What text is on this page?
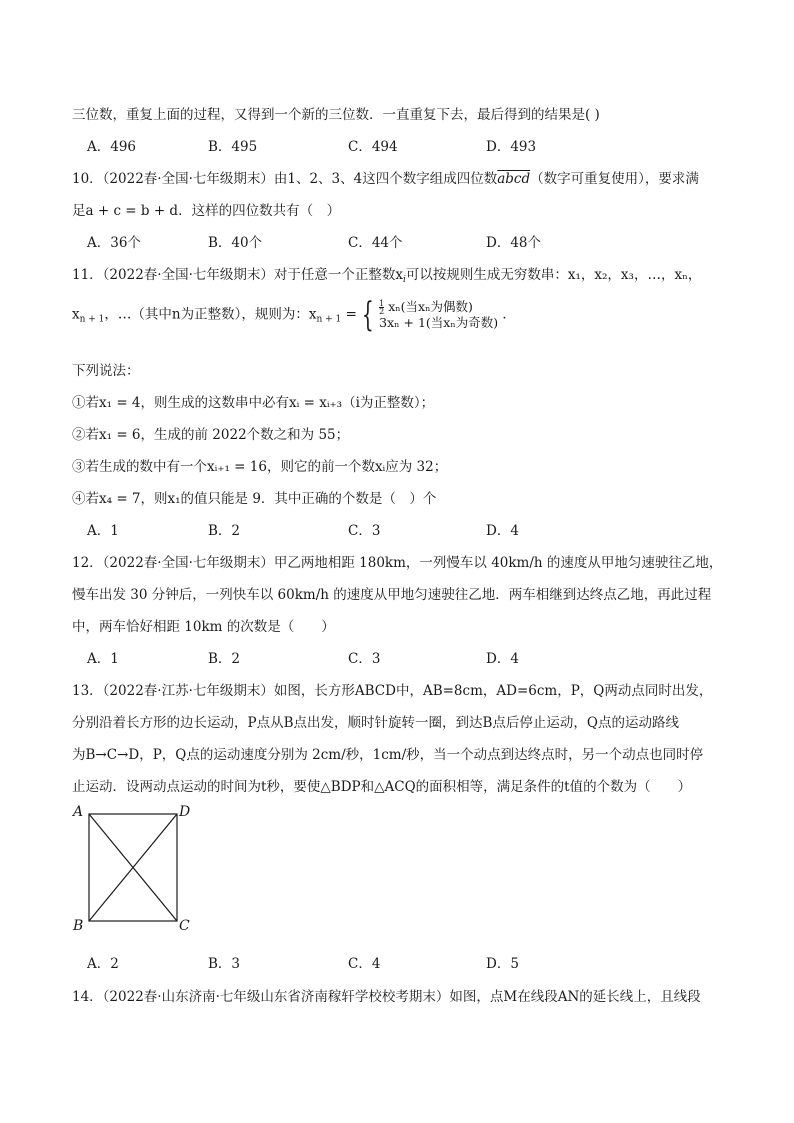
三位数，重复上面的过程，又得到一个新的三位数．一直重复下去，最后得到的结果是( )
A．496	B．495	C．494	D．493
10．（2022春·全国·七年级期末）由1、2、3、4这四个数字组成四位数abcd（数字可重复使用），要求满
足a + c = b + d．这样的四位数共有（　）
A．36个	B．40个	C．44个	D．48个
11．（2022春·全国·七年级期末）对于任意一个正整数$x_i$可以按规则生成无穷数串：x₁，x₂，x₃，…，xₙ，
$x_{n + 1}$，…（其中n为正整数），规则为：$x_{n + 1}$ = { $\frac{1}{2} x_n$(当xₙ为偶数)
3xₙ + 1(当xₙ为奇数) ．
下列说法：
①若x₁ = 4，则生成的这数串中必有xᵢ = xᵢ₊₃（i为正整数）；
②若x₁ = 6，生成的前 2022个数之和为 55；
③若生成的数中有一个xᵢ₊₁ = 16，则它的前一个数xᵢ应为 32；
④若x₄ = 7，则x₁的值只能是 9．其中正确的个数是（　）个
A．1	B．2	C．3	D．4
12．（2022春·全国·七年级期末）甲乙两地相距 180km，一列慢车以 40km/h 的速度从甲地匀速驶往乙地，
慢车出发 30 分钟后，一列快车以 60km/h 的速度从甲地匀速驶往乙地．两车相继到达终点乙地，再此过程
中，两车恰好相距 10km 的次数是（　　）
A．1	B．2	C．3	D．4
13．（2022春·江苏·七年级期末）如图，长方形ABCD中，AB=8cm，AD=6cm，P，Q两动点同时出发，
分别沿着长方形的边长运动，P点从B点出发，顺时针旋转一圈，到达B点后停止运动，Q点的运动路线
为B→C→D，P，Q点的运动速度分别为 2cm/秒，1cm/秒，当一个动点到达终点时，另一个动点也同时停
止运动．设两动点运动的时间为t秒，要使△BDP和△ACQ的面积相等，满足条件的t值的个数为（　　）
A	D
B	C
A．2	B．3	C．4	D．5
14．（2022春·山东济南·七年级山东省济南稼轩学校校考期末）如图，点M在线段AN的延长线上，且线段
